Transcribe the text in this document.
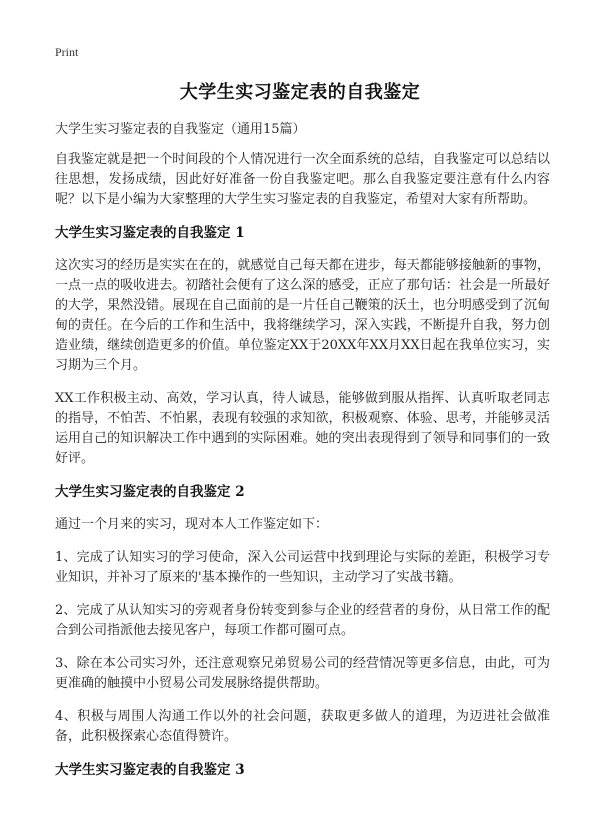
Print
大学生实习鉴定表的自我鉴定
大学生实习鉴定表的自我鉴定（通用15篇）

自我鉴定就是把一个时间段的个人情况进行一次全面系统的总结，自我鉴定可以总结以往思想，发扬成绩，因此好好准备一份自我鉴定吧。那么自我鉴定要注意有什么内容呢？以下是小编为大家整理的大学生实习鉴定表的自我鉴定，希望对大家有所帮助。

大学生实习鉴定表的自我鉴定 1

这次实习的经历是实实在在的，就感觉自己每天都在进步，每天都能够接触新的事物，一点一点的吸收进去。初踏社会便有了这么深的感受，正应了那句话：社会是一所最好的大学，果然没错。展现在自己面前的是一片任自己鞭策的沃土，也分明感受到了沉甸甸的责任。在今后的工作和生活中，我将继续学习，深入实践，不断提升自我，努力创造业绩，继续创造更多的价值。单位鉴定XX于20XX年XX月XX日起在我单位实习，实习期为三个月。

XX工作积极主动、高效，学习认真，待人诚恳，能够做到服从指挥、认真听取老同志的指导，不怕苦、不怕累，表现有较强的求知欲，积极观察、体验、思考，并能够灵活运用自己的知识解决工作中遇到的实际困难。她的突出表现得到了领导和同事们的一致好评。

大学生实习鉴定表的自我鉴定 2

通过一个月来的实习，现对本人工作鉴定如下：

1、完成了认知实习的学习使命，深入公司运营中找到理论与实际的差距，积极学习专业知识，并补习了原来的'基本操作的一些知识，主动学习了实战书籍。

2、完成了从认知实习的旁观者身份转变到参与企业的经营者的身份，从日常工作的配合到公司指派他去接见客户，每项工作都可圈可点。

3、除在本公司实习外，还注意观察兄弟贸易公司的经营情况等更多信息，由此，可为更准确的触摸中小贸易公司发展脉络提供帮助。

4、积极与周围人沟通工作以外的社会问题，获取更多做人的道理，为迈进社会做准备，此积极探索心态值得赞许。

大学生实习鉴定表的自我鉴定 3
